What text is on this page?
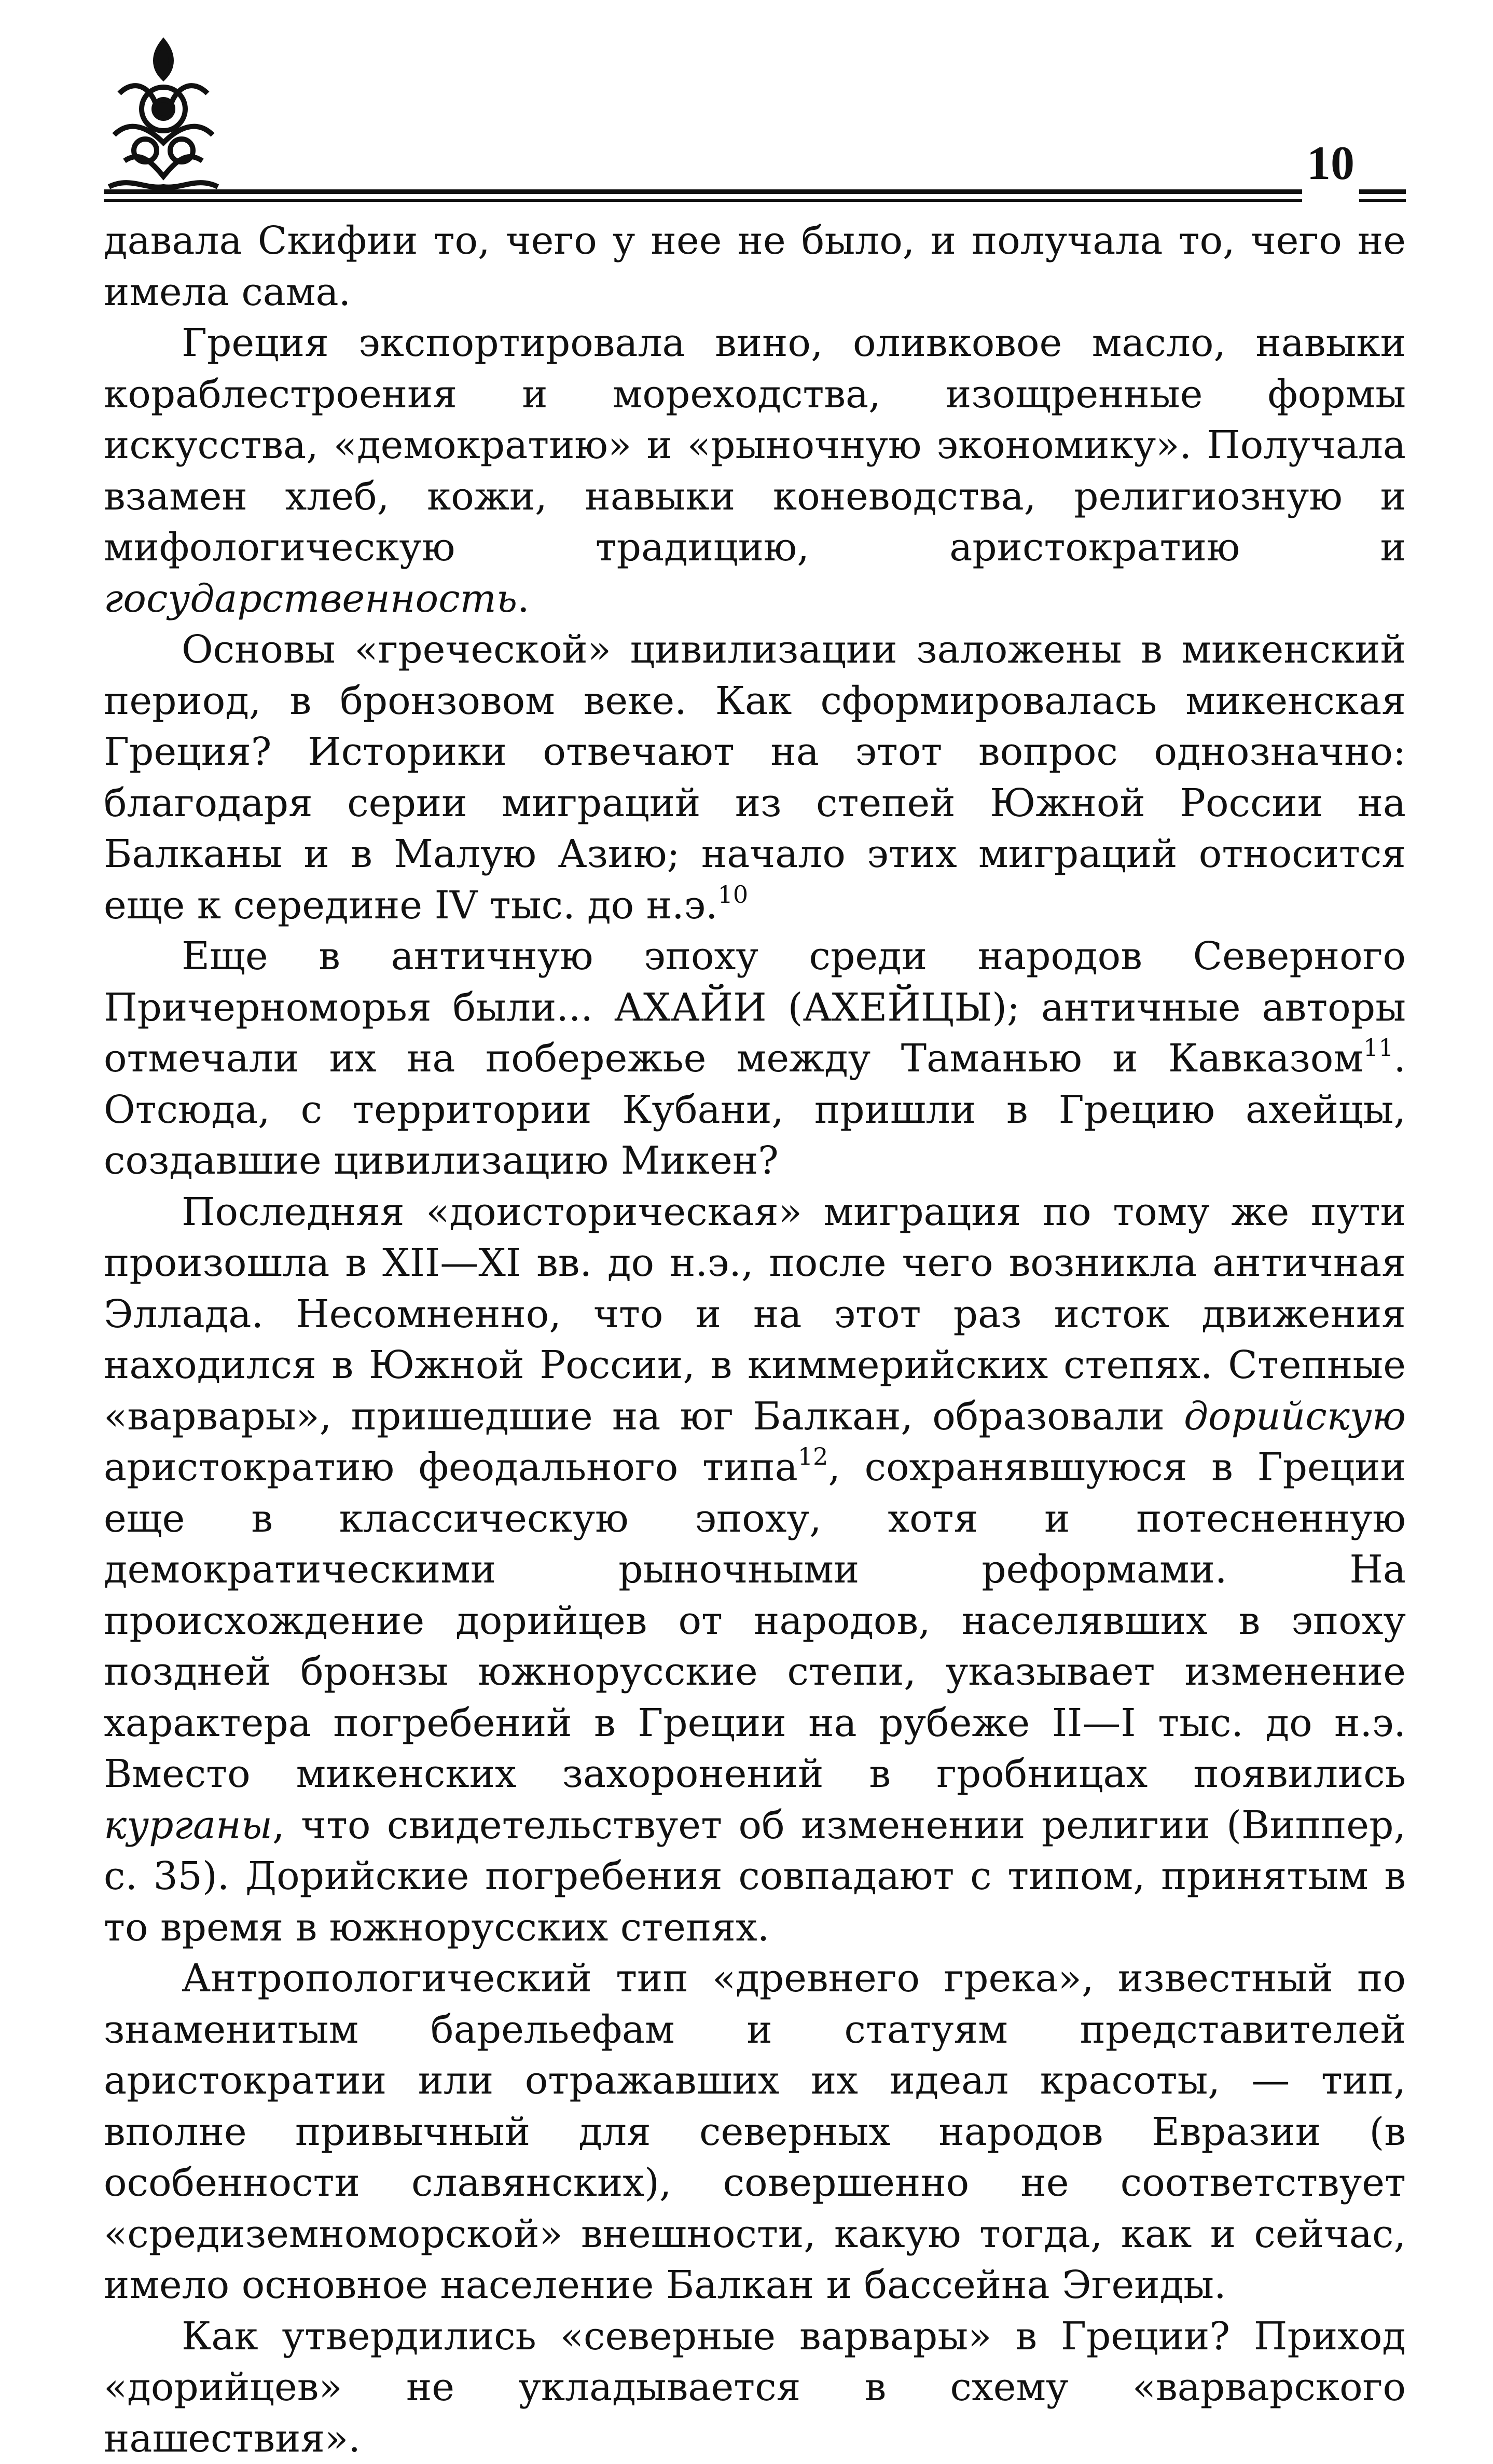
10

давала Скифии то, чего у нее не было, и получала то, чего не имела сама.

Греция экспортировала вино, оливковое масло, навыки кораблестроения и мореходства, изощренные формы искусства, «демократию» и «рыночную экономику». Получала взамен хлеб, кожи, навыки коневодства, религиозную и мифологическую традицию, аристократию и государственность.

Основы «греческой» цивилизации заложены в микенский период, в бронзовом веке. Как сформировалась микенская Греция? Историки отвечают на этот вопрос однозначно: благодаря серии миграций из степей Южной России на Балканы и в Малую Азию; начало этих миграций относится еще к середине IV тыс. до н.э.$^{10}$

Еще в античную эпоху среди народов Северного Причерноморья были... АХАЙИ (АХЕЙЦЫ); античные авторы отмечали их на побережье между Таманью и Кавказом$^{11}$. Отсюда, с территории Кубани, пришли в Грецию ахейцы, создавшие цивилизацию Микен?

Последняя «доисторическая» миграция по тому же пути произошла в XII—XI вв. до н.э., после чего возникла античная Эллада. Несомненно, что и на этот раз исток движения находился в Южной России, в киммерийских степях. Степные «варвары», пришедшие на юг Балкан, образовали дорийскую аристократию феодального типа$^{12}$, сохранявшуюся в Греции еще в классическую эпоху, хотя и потесненную демократическими рыночными реформами. На происхождение дорийцев от народов, населявших в эпоху поздней бронзы южнорусские степи, указывает изменение характера погребений в Греции на рубеже II—I тыс. до н.э. Вместо микенских захоронений в гробницах появились курганы, что свидетельствует об изменении религии (Виппер, с. 35). Дорийские погребения совпадают с типом, принятым в то время в южнорусских степях.

Антропологический тип «древнего грека», известный по знаменитым барельефам и статуям представителей аристократии или отражавших их идеал красоты, — тип, вполне привычный для северных народов Евразии (в особенности славянских), совершенно не соответствует «средиземноморской» внешности, какую тогда, как и сейчас, имело основное население Балкан и бассейна Эгеиды.

Как утвердились «северные варвары» в Греции? Приход «дорийцев» не укладывается в схему «варварского нашествия».
